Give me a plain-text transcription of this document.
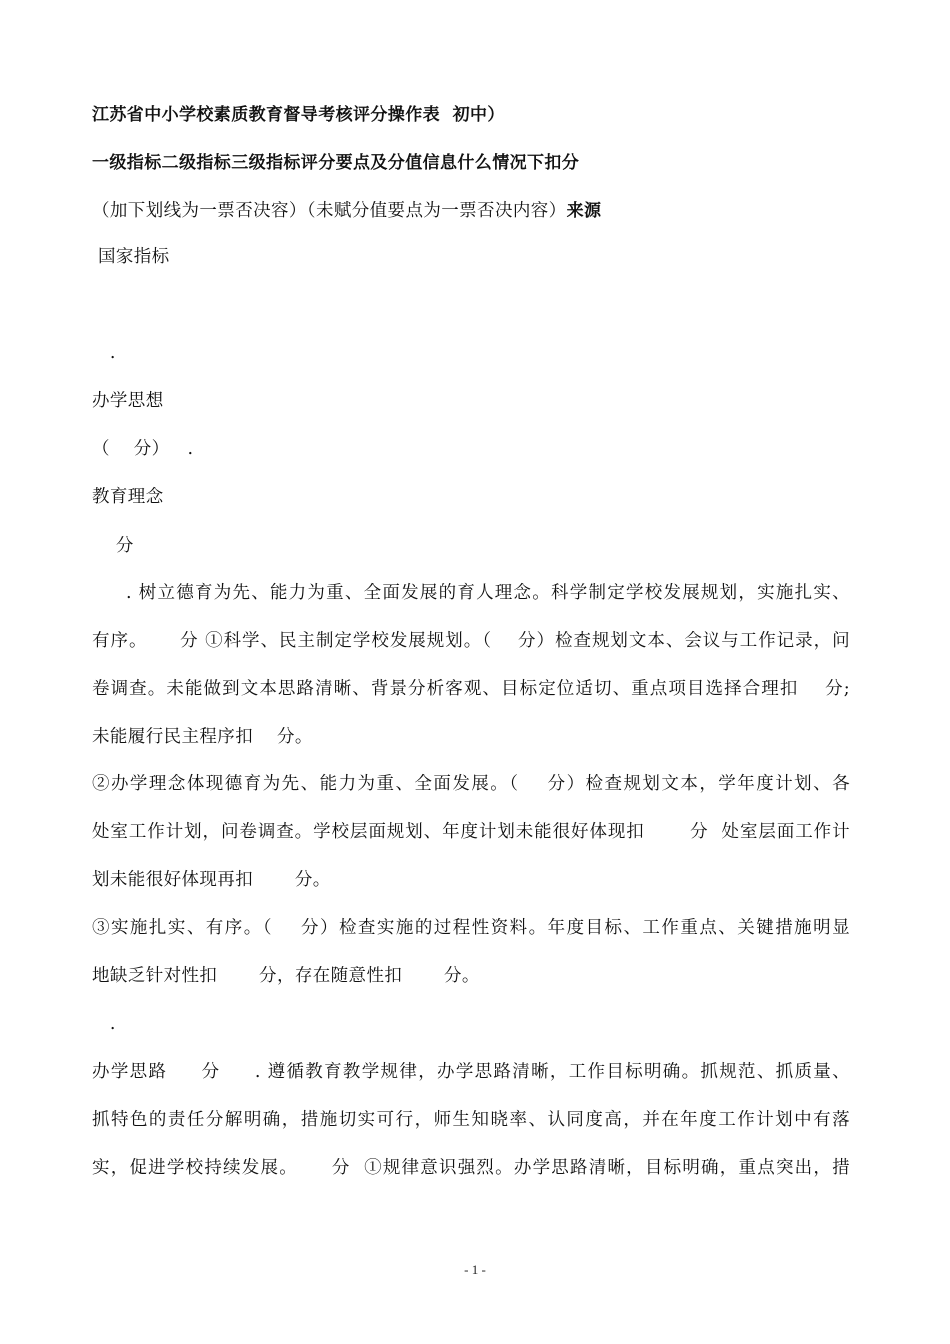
江苏省中小学校素质教育督导考核评分操作表  初中）
一级指标二级指标三级指标评分要点及分值信息什么情况下扣分
（加下划线为一票否决容）（未赋分值要点为一票否决内容）来源
国家指标
.
办学思想
（    分）   .
教育理念
分
. 树立德育为先、能力为重、全面发展的育人理念。科学制定学校发展规划，实施扎实、
有序。     分 ①科学、民主制定学校发展规划。（    分）检查规划文本、会议与工作记录，问
卷调查。未能做到文本思路清晰、背景分析客观、目标定位适切、重点项目选择合理扣    分;
未能履行民主程序扣    分。
②办学理念体现德育为先、能力为重、全面发展。（    分）检查规划文本，学年度计划、各
处室工作计划，问卷调查。学校层面规划、年度计划未能很好体现扣       分  处室层面工作计
划未能很好体现再扣       分。
③实施扎实、有序。（    分）检查实施的过程性资料。年度目标、工作重点、关键措施明显
地缺乏针对性扣       分，存在随意性扣       分。
.
办学思路     分     . 遵循教育教学规律，办学思路清晰，工作目标明确。抓规范、抓质量、
抓特色的责任分解明确，措施切实可行，师生知晓率、认同度高，并在年度工作计划中有落
实，促进学校持续发展。     分  ①规律意识强烈。办学思路清晰，目标明确，重点突出，措
- 1 -
